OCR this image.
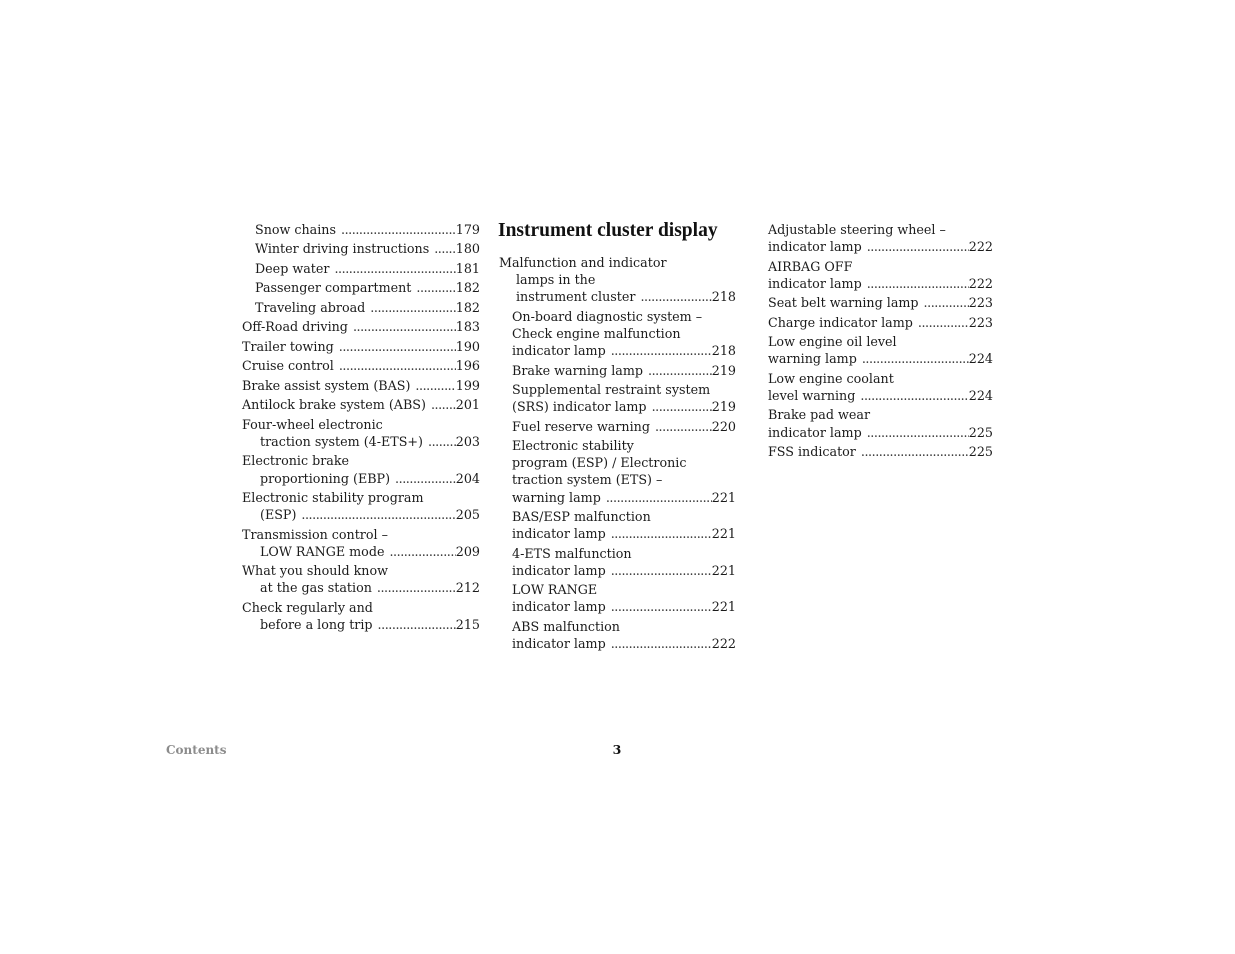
Snow chains .....	179
Winter driving instructions ..... 180
Deep water .....	181
Passenger compartment .....	182
Traveling abroad .....	182
Off-Road driving .....	183
Trailer towing .....	190
Cruise control .....	196
Brake assist system (BAS) .....	199
Antilock brake system (ABS) ..... 201
Four-wheel electronic
traction system (4-ETS+) .....	203
Electronic brake
proportioning (EBP) .....	204
Electronic stability program
(ESP) .....	205
Transmission control –
LOW RANGE mode .....	209
What you should know
at the gas station .....	212
Check regularly and
before a long trip .....	215
Instrument cluster display
Malfunction and indicator
lamps in the
instrument cluster .....	218
On-board diagnostic system –
Check engine malfunction
indicator lamp .....	218
Brake warning lamp .....	219
Supplemental restraint system
(SRS) indicator lamp .....	219
Fuel reserve warning .....	220
Electronic stability
program (ESP) / Electronic
traction system (ETS) –
warning lamp .....	221
BAS/ESP malfunction
indicator lamp .....	221
4-ETS malfunction
indicator lamp .....	221
LOW RANGE
indicator lamp .....	221
ABS malfunction
indicator lamp .....	222
Adjustable steering wheel –
indicator lamp .....	222
AIRBAG OFF
indicator lamp .....	222
Seat belt warning lamp .....	223
Charge indicator lamp .....	223
Low engine oil level
warning lamp .....	224
Low engine coolant
level warning .....	224
Brake pad wear
indicator lamp .....	225
FSS indicator .....	225
Contents	3
